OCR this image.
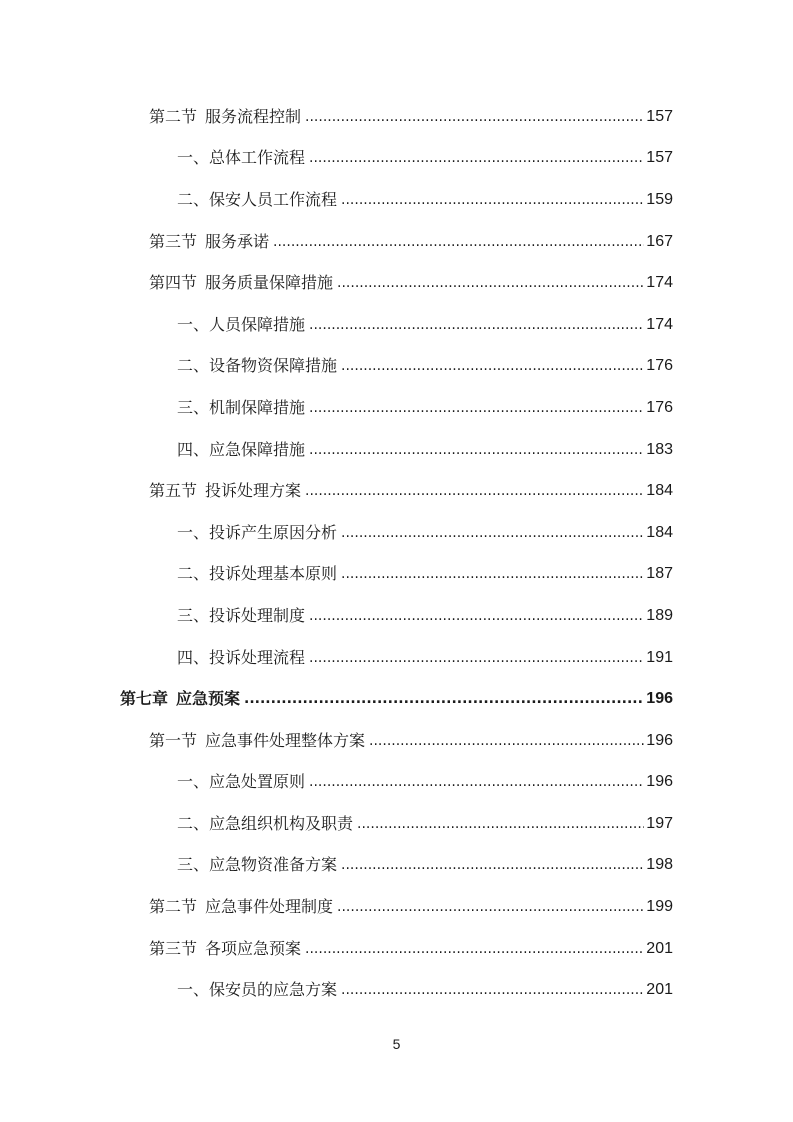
第二节 服务流程控制 .....	157
一、总体工作流程 .....	157
二、保安人员工作流程 .....	159
第三节 服务承诺 .....	167
第四节 服务质量保障措施 .....	174
一、人员保障措施 .....	174
二、设备物资保障措施 .....	176
三、机制保障措施 .....	176
四、应急保障措施 .....	183
第五节 投诉处理方案 .....	184
一、投诉产生原因分析 .....	184
二、投诉处理基本原则 .....	187
三、投诉处理制度 .....	189
四、投诉处理流程 .....	191
第七章 应急预案 .....	196
第一节 应急事件处理整体方案 .....	196
一、应急处置原则 .....	196
二、应急组织机构及职责 .....	197
三、应急物资准备方案 .....	198
第二节 应急事件处理制度 .....	199
第三节 各项应急预案 .....	201
一、保安员的应急方案 .....	201
5
